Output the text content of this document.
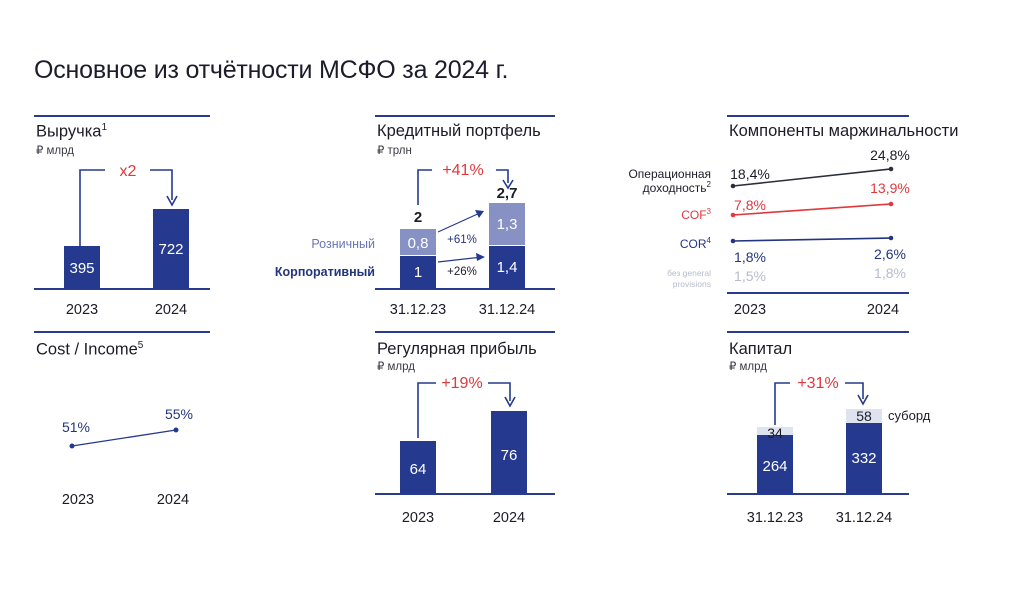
Основное из отчётности МСФО за 2024 г.
Выручка$^1$
₽ млрд
x2
395
722
2023	2024
Cost / Income$^5$
51%
55%
2023	2024
Кредитный портфель
₽ трлн
+41%
2
2,7
0,8
1
1,3
1,4
+61%
+26%
Розничный
Корпоративный
31.12.23 31.12.24
Регулярная прибыль
₽ млрд
+19%
64
76
2023	2024
Компоненты маржинальности
Операционная
доходность$^2$
COF$^3$
COR$^4$
без general
provisions
18,4%
24,8%
7,8%
13,9%
1,8%	2,6%
1,5%	1,8%
2023	2024
Капитал
₽ млрд
+31%
34
58 суборд
264	332
31.12.23 31.12.24
